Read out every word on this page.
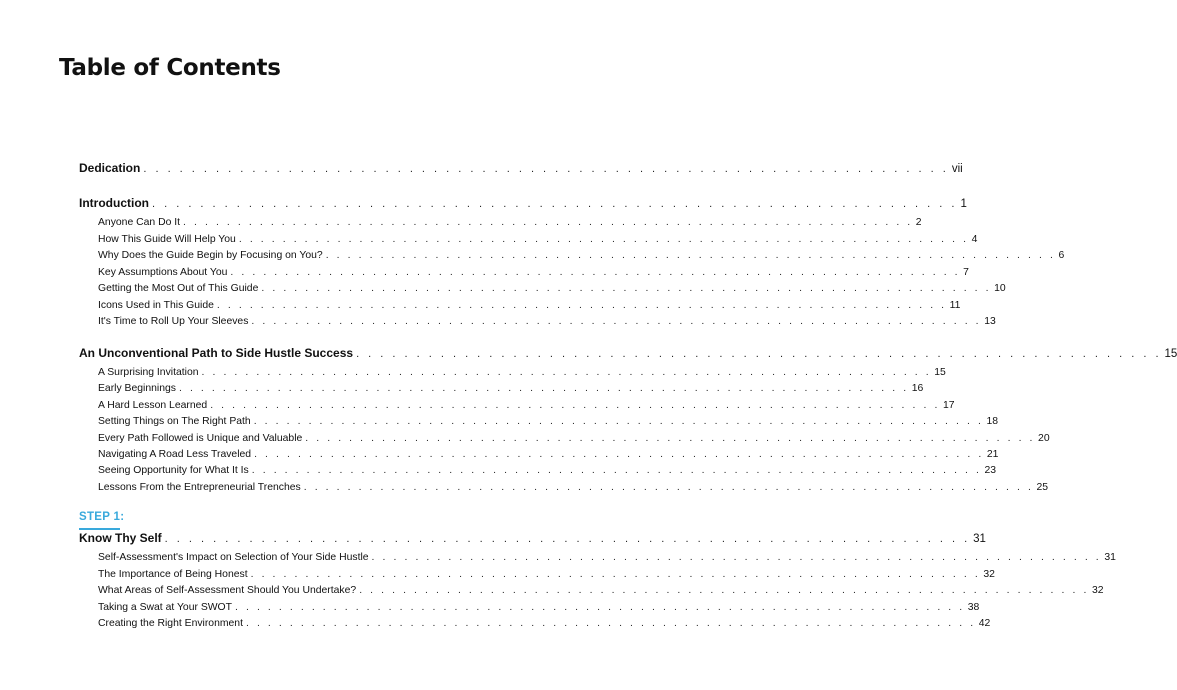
Table of Contents
Dedication . . . . . . . . . . . . . . . . . . . . . . . . . . . . . . . . . . . . . . . . . . . . . . . . . . . . . . . . . . . . . . . . . . . vii
Introduction . . . . . . . . . . . . . . . . . . . . . . . . . . . . . . . . . . . . . . . . . . . . . . . . . . . . . . . . . . . . . . . . . . . 1
Anyone Can Do It . . . . . . . . . . . . . . . . . . . . . . . . . . . . . . . . . . . . . . . . . . . . . . . . . . . . . . . . . . . . . . . . . . . 2
How This Guide Will Help You . . . . . . . . . . . . . . . . . . . . . . . . . . . . . . . . . . . . . . . . . . . . . . . . . . . . . . . . . . . . . . . . . . . 4
Why Does the Guide Begin by Focusing on You? . . . . . . . . . . . . . . . . . . . . . . . . . . . . . . . . . . . . . . . . . . . . . . . . . . . . . . . . . . . . . . . . . . . 6
Key Assumptions About You . . . . . . . . . . . . . . . . . . . . . . . . . . . . . . . . . . . . . . . . . . . . . . . . . . . . . . . . . . . . . . . . . . . 7
Getting the Most Out of This Guide . . . . . . . . . . . . . . . . . . . . . . . . . . . . . . . . . . . . . . . . . . . . . . . . . . . . . . . . . . . . . . . . . . . 10
Icons Used in This Guide . . . . . . . . . . . . . . . . . . . . . . . . . . . . . . . . . . . . . . . . . . . . . . . . . . . . . . . . . . . . . . . . . . . 11
It's Time to Roll Up Your Sleeves . . . . . . . . . . . . . . . . . . . . . . . . . . . . . . . . . . . . . . . . . . . . . . . . . . . . . . . . . . . . . . . . . . . 13
An Unconventional Path to Side Hustle Success . . . . . . . . . . . . . . . . . . . . . . . . . . . . . . . . . . . . . . . . . . . . . . . . . . . . . . . . . . . . . . . . . . . 15
A Surprising Invitation . . . . . . . . . . . . . . . . . . . . . . . . . . . . . . . . . . . . . . . . . . . . . . . . . . . . . . . . . . . . . . . . . . . 15
Early Beginnings . . . . . . . . . . . . . . . . . . . . . . . . . . . . . . . . . . . . . . . . . . . . . . . . . . . . . . . . . . . . . . . . . . . 16
A Hard Lesson Learned . . . . . . . . . . . . . . . . . . . . . . . . . . . . . . . . . . . . . . . . . . . . . . . . . . . . . . . . . . . . . . . . . . . 17
Setting Things on The Right Path . . . . . . . . . . . . . . . . . . . . . . . . . . . . . . . . . . . . . . . . . . . . . . . . . . . . . . . . . . . . . . . . . . . 18
Every Path Followed is Unique and Valuable . . . . . . . . . . . . . . . . . . . . . . . . . . . . . . . . . . . . . . . . . . . . . . . . . . . . . . . . . . . . . . . . . . . 20
Navigating A Road Less Traveled . . . . . . . . . . . . . . . . . . . . . . . . . . . . . . . . . . . . . . . . . . . . . . . . . . . . . . . . . . . . . . . . . . . 21
Seeing Opportunity for What It Is . . . . . . . . . . . . . . . . . . . . . . . . . . . . . . . . . . . . . . . . . . . . . . . . . . . . . . . . . . . . . . . . . . . 23
Lessons From the Entrepreneurial Trenches . . . . . . . . . . . . . . . . . . . . . . . . . . . . . . . . . . . . . . . . . . . . . . . . . . . . . . . . . . . . . . . . . . . 25
Know Thy Self . . . . . . . . . . . . . . . . . . . . . . . . . . . . . . . . . . . . . . . . . . . . . . . . . . . . . . . . . . . . . . . . . . . 31
Self-Assessment's Impact on Selection of Your Side Hustle . . . . . . . . . . . . . . . . . . . . . . . . . . . . . . . . . . . . . . . . . . . . . . . . . . . . . . . . . . . . . . . . . . . 31
The Importance of Being Honest . . . . . . . . . . . . . . . . . . . . . . . . . . . . . . . . . . . . . . . . . . . . . . . . . . . . . . . . . . . . . . . . . . . 32
What Areas of Self-Assessment Should You Undertake? . . . . . . . . . . . . . . . . . . . . . . . . . . . . . . . . . . . . . . . . . . . . . . . . . . . . . . . . . . . . . . . . . . . 32
Taking a Swat at Your SWOT . . . . . . . . . . . . . . . . . . . . . . . . . . . . . . . . . . . . . . . . . . . . . . . . . . . . . . . . . . . . . . . . . . . 38
Creating the Right Environment . . . . . . . . . . . . . . . . . . . . . . . . . . . . . . . . . . . . . . . . . . . . . . . . . . . . . . . . . . . . . . . . . . . 42
STEP 1:
